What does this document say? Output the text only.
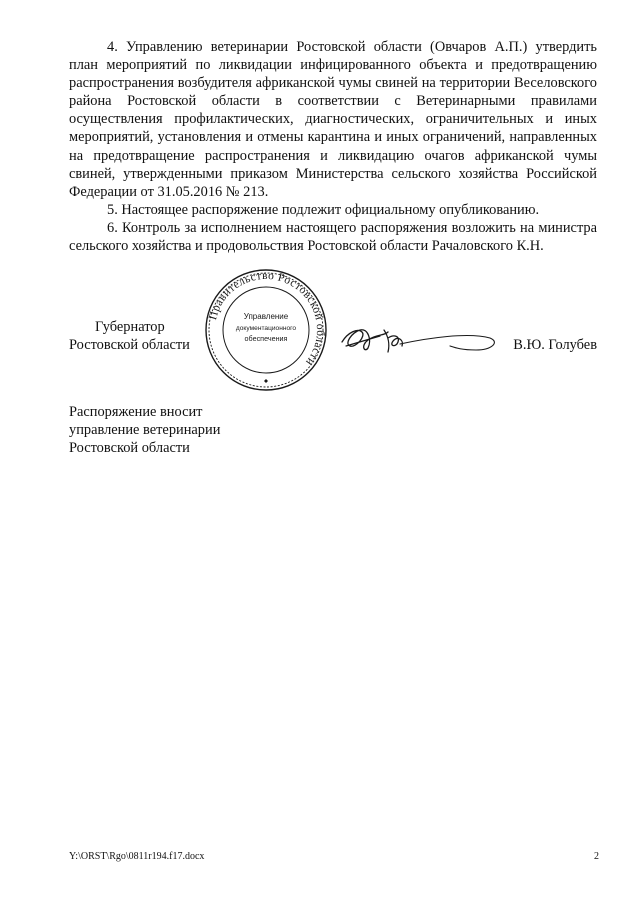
4. Управлению ветеринарии Ростовской области (Овчаров А.П.) утвердить план мероприятий по ликвидации инфицированного объекта и предотвращению распространения возбудителя африканской чумы свиней на территории Веселовского района Ростовской области в соответствии с Ветеринарными правилами осуществления профилактических, диагностических, ограничительных и иных мероприятий, установления и отмены карантина и иных ограничений, направленных на предотвращение распространения и ликвидацию очагов африканской чумы свиней, утвержденными приказом Министерства сельского хозяйства Российской Федерации от 31.05.2016 № 213.

5. Настоящее распоряжение подлежит официальному опубликованию.

6. Контроль за исполнением настоящего распоряжения возложить на министра сельского хозяйства и продовольствия Ростовской области Рачаловского К.Н.

Губернатор
Ростовской области
Правительство Ростовской области
Управление
документационного
обеспечения	В.Ю. Голубев
Распоряжение вносит
управление ветеринарии
Ростовской области
Y:\ORST\Rgo\0811r194.f17.docx	2
